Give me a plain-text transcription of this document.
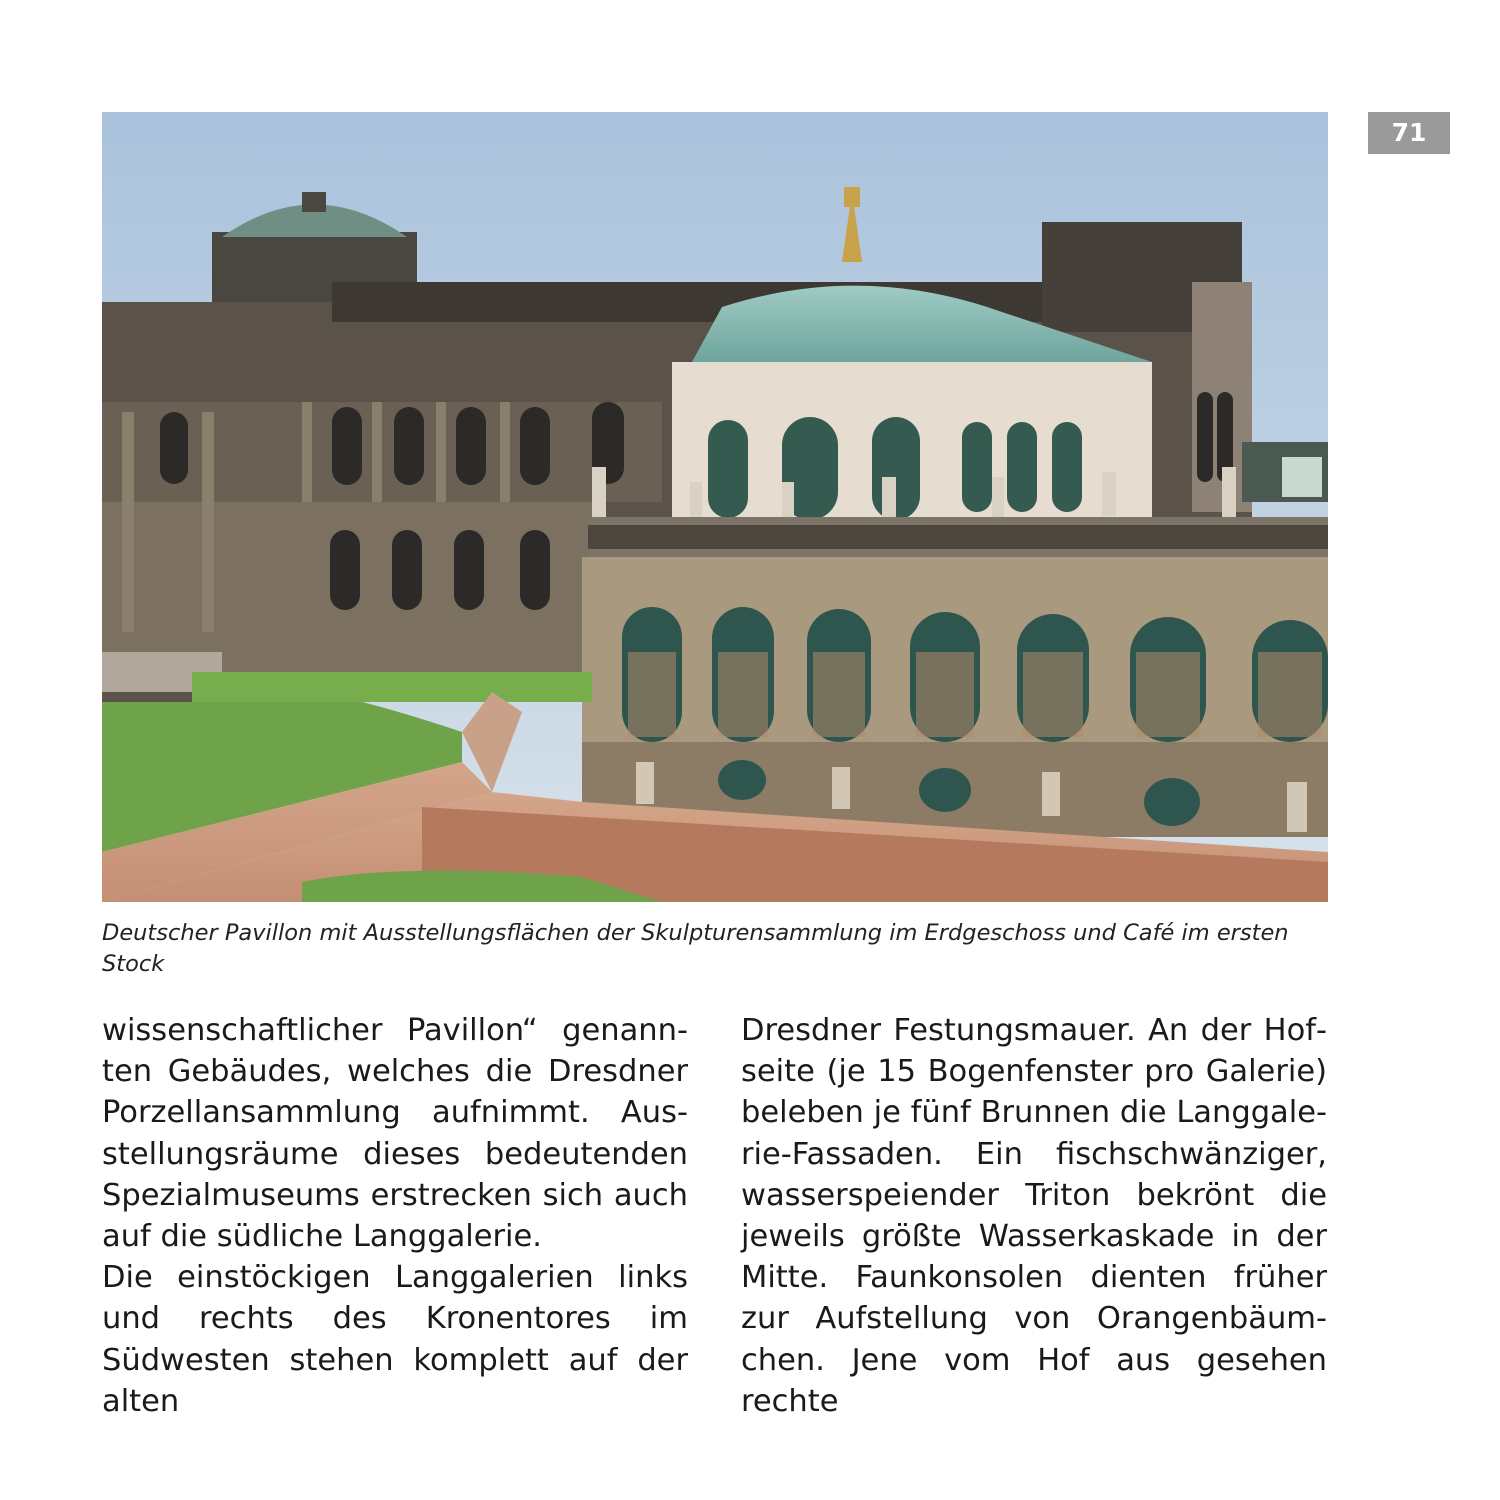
71
Deutscher Pavillon mit Ausstellungsflächen der Skulpturensammlung im Erdgeschoss und Café im ersten Stock

wissenschaftlicher Pavillon“ genannten Gebäudes, welches die Dresdner Porzellansammlung aufnimmt. Ausstellungsräume dieses bedeutenden Spezialmuseums erstrecken sich auch auf die südliche Langgalerie.

Die einstöckigen Langgalerien links und rechts des Kronentores im Südwesten stehen komplett auf der alten

Dresdner Festungsmauer. An der Hofseite (je 15 Bogenfenster pro Galerie) beleben je fünf Brunnen die Langgalerie-Fassaden. Ein fischschwänziger, wasserspeiender Triton bekrönt die jeweils größte Wasserkaskade in der Mitte. Faunkonsolen dienten früher zur Aufstellung von Orangenbäumchen. Jene vom Hof aus gesehen rechte
